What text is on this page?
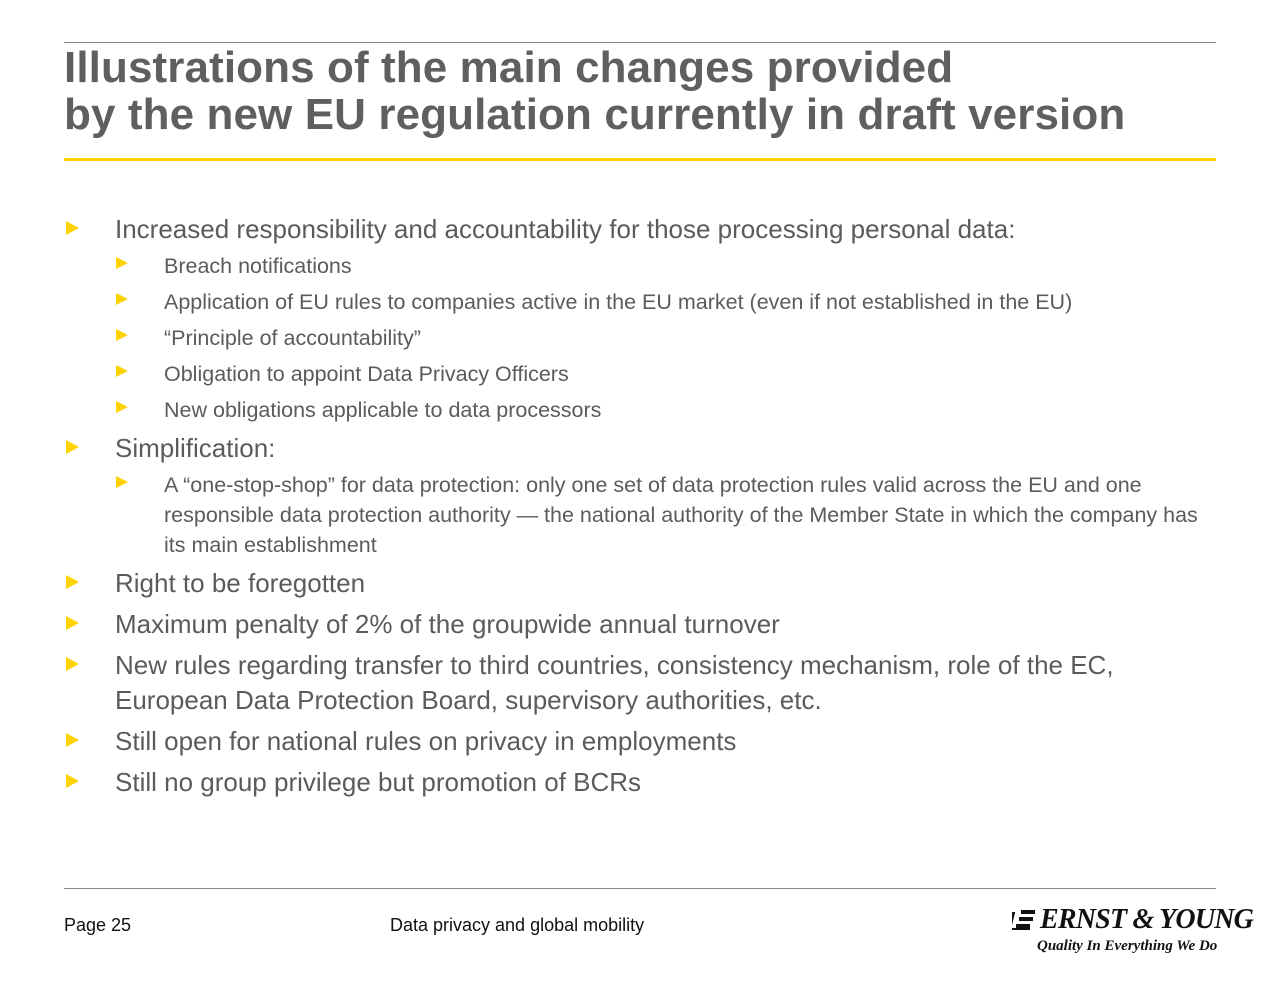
Illustrations of the main changes provided
by the new EU regulation currently in draft version
Increased responsibility and accountability for those processing personal data:
Breach notifications
Application of EU rules to companies active in the EU market (even if not established in the EU)
“Principle of accountability”
Obligation to appoint Data Privacy Officers
New obligations applicable to data processors
Simplification:
A “one-stop-shop” for data protection: only one set of data protection rules valid across the EU and one responsible data protection authority — the national authority of the Member State in which the company has its main establishment
Right to be foregotten
Maximum penalty of 2% of the groupwide annual turnover
New rules regarding transfer to third countries, consistency mechanism, role of the EC, European Data Protection Board, supervisory authorities, etc.
Still open for national rules on privacy in employments
Still no group privilege but promotion of BCRs
Page 25	Data privacy and global mobility	ERNST & YOUNG
Quality In Everything We Do
